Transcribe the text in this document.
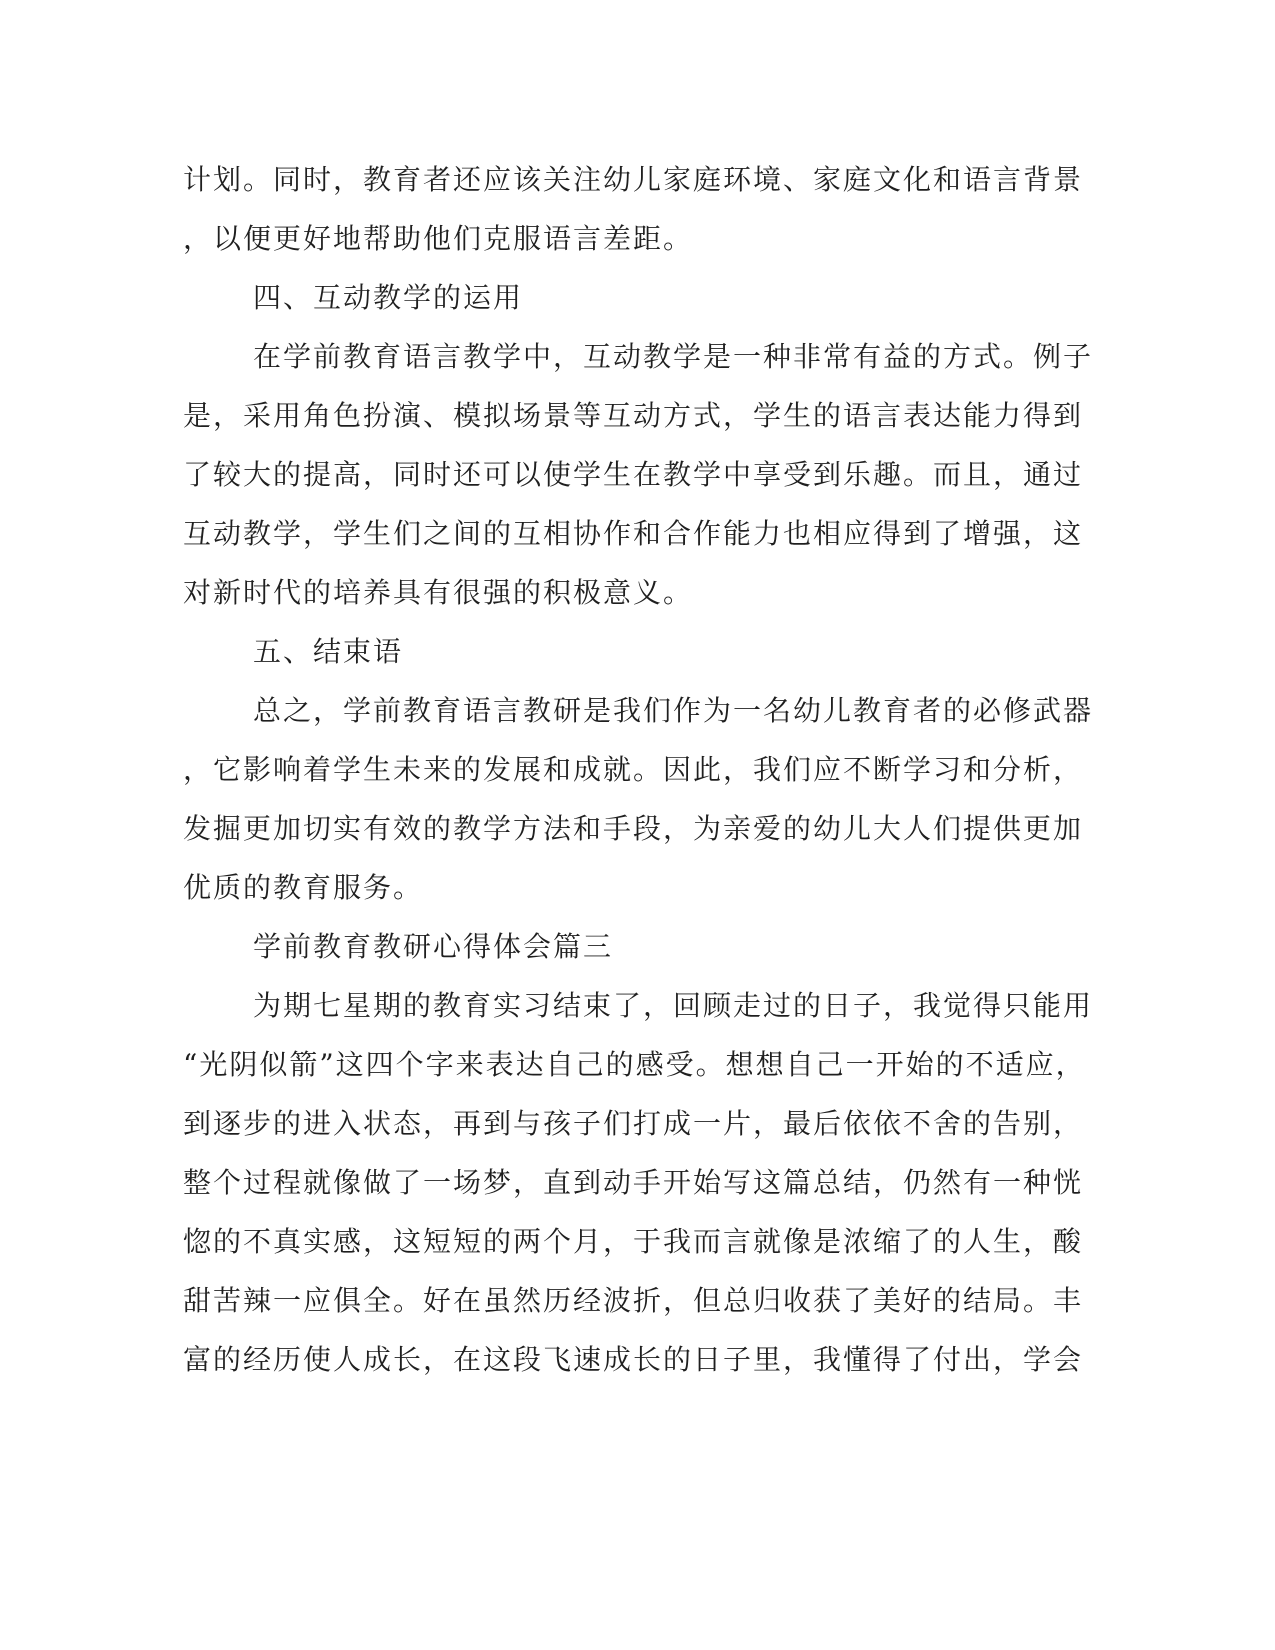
计划。同时，教育者还应该关注幼儿家庭环境、家庭文化和语言背景
，以便更好地帮助他们克服语言差距。
四、互动教学的运用
在学前教育语言教学中，互动教学是一种非常有益的方式。例子
是，采用角色扮演、模拟场景等互动方式，学生的语言表达能力得到
了较大的提高，同时还可以使学生在教学中享受到乐趣。而且，通过
互动教学，学生们之间的互相协作和合作能力也相应得到了增强，这
对新时代的培养具有很强的积极意义。
五、结束语
总之，学前教育语言教研是我们作为一名幼儿教育者的必修武器
，它影响着学生未来的发展和成就。因此，我们应不断学习和分析，
发掘更加切实有效的教学方法和手段，为亲爱的幼儿大人们提供更加
优质的教育服务。
学前教育教研心得体会篇三
为期七星期的教育实习结束了，回顾走过的日子，我觉得只能用
“光阴似箭”这四个字来表达自己的感受。想想自己一开始的不适应，
到逐步的进入状态，再到与孩子们打成一片，最后依依不舍的告别，
整个过程就像做了一场梦，直到动手开始写这篇总结，仍然有一种恍
惚的不真实感，这短短的两个月，于我而言就像是浓缩了的人生，酸
甜苦辣一应俱全。好在虽然历经波折，但总归收获了美好的结局。丰
富的经历使人成长，在这段飞速成长的日子里，我懂得了付出，学会
